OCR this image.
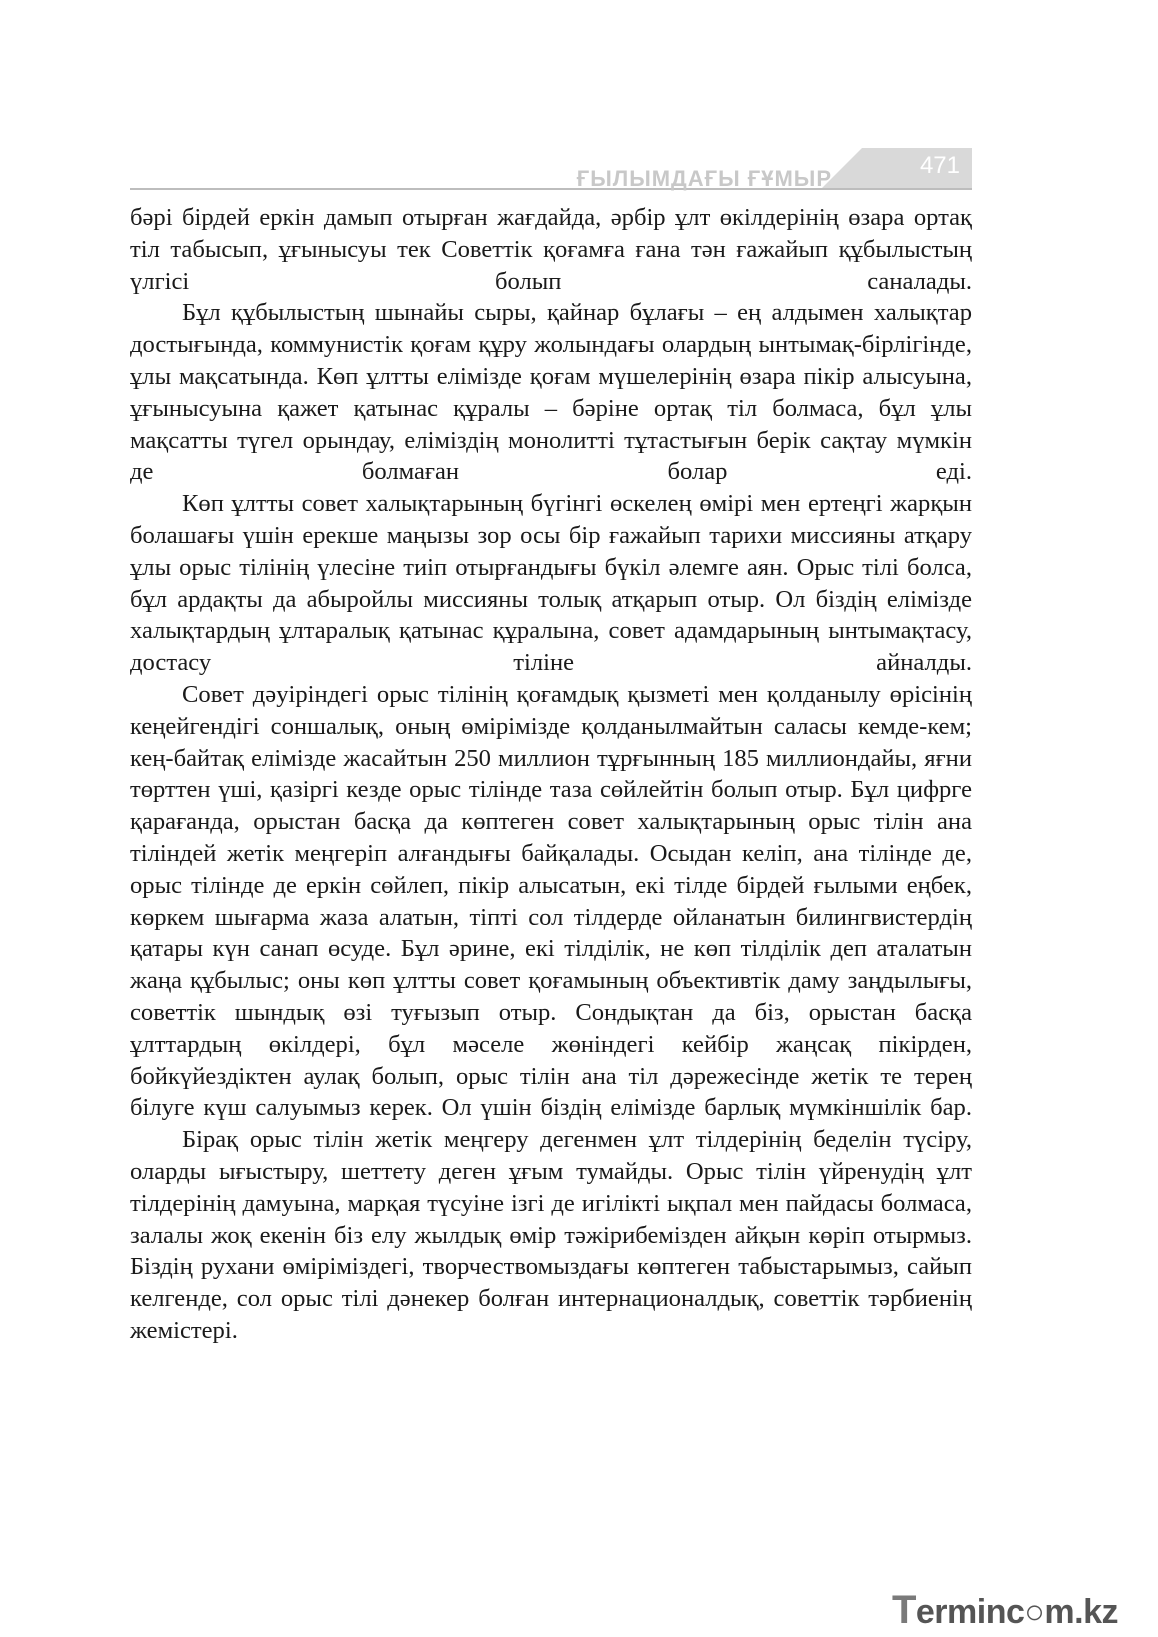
ҒЫЛЫМДАҒЫ ҒҰМЫР	471

бәрі бірдей еркін дамып отырған жағдайда, әрбір ұлт өкілдерінің өзара ортақ тіл табысып, ұғынысуы тек Советтік қоғамға ғана тән ғажайып құбылыстың үлгісі болып саналады.

Бұл құбылыстың шынайы сыры, қайнар бұлағы – ең алдымен халықтар достығында, коммунистік қоғам құру жолындағы олардың ынтымақ-бірлігінде, ұлы мақсатында. Көп ұлтты елімізде қоғам мүшелерінің өзара пікір алысуына, ұғынысуына қажет қатынас құралы – бәріне ортақ тіл болмаса, бұл ұлы мақсатты түгел орындау, еліміздің монолитті тұтастығын берік сақтау мүмкін де болмаған болар еді.

Көп ұлтты совет халықтарының бүгінгі өскелең өмірі мен ертеңгі жарқын болашағы үшін ерекше маңызы зор осы бір ғажайып тарихи миссияны атқару ұлы орыс тілінің үлесіне тиіп отырғандығы бүкіл әлемге аян. Орыс тілі болса, бұл ардақты да абыройлы миссияны толық атқарып отыр. Ол біздің елімізде халықтардың ұлтаралық қатынас құралына, совет адамдарының ынтымақтасу, достасу тіліне айналды.

Совет дәуіріндегі орыс тілінің қоғамдық қызметі мен қолданылу өрісінің кеңейгендігі соншалық, оның өміріміздe қолданылмайтын саласы кемде-кем; кең-байтақ елімізде жасайтын 250 миллион тұрғынның 185 миллиондайы, яғни төрттен үші, қазіргі кезде орыс тілінде таза сөйлейтін болып отыр. Бұл цифрге қарағанда, орыстан басқа да көптеген совет халықтарының орыс тілін ана тіліндей жетік меңгеріп алғандығы байқалады. Осыдан келіп, ана тілінде де, орыс тілінде де еркін сөйлеп, пікір алысатын, екі тілде бірдей ғылыми еңбек, көркем шығарма жаза алатын, тіпті сол тілдерде ойланатын билингвистердің қатары күн санап өсуде. Бұл әрине, екі тілділік, не көп тілділік деп аталатын жаңа құбылыс; оны көп ұлтты совет қоғамының объективтік даму заңдылығы, советтік шындық өзі туғызып отыр. Сондықтан да біз, орыстан басқа ұлттардың өкілдері, бұл мәселе жөніндегі кейбір жаңсақ пікірден, бойкүйездіктен аулақ болып, орыс тілін ана тіл дәрежесінде жетік те терең білуге күш салуымыз керек. Ол үшін біздің елімізде барлық мүмкіншілік бар.

Бірақ орыс тілін жетік меңгеру дегенмен ұлт тілдерінің беделін түсіру, оларды ығыстыру, шеттету деген ұғым тумайды. Орыс тілін үйренудің ұлт тілдерінің дамуына, марқая түсуіне ізгі де игілікті ықпал мен пайдасы болмаса, залалы жоқ екенін біз елу жылдық өмір тәжірибемізден айқын көріп отырмыз. Біздің рухани өміріміздегі, творчествомыздағы көптеген табыстарымыз, сайып келгенде, сол орыс тілі дәнекер болған интернационалдық, советтік тәрбиенің жемістері.

Terminc○m.kz
